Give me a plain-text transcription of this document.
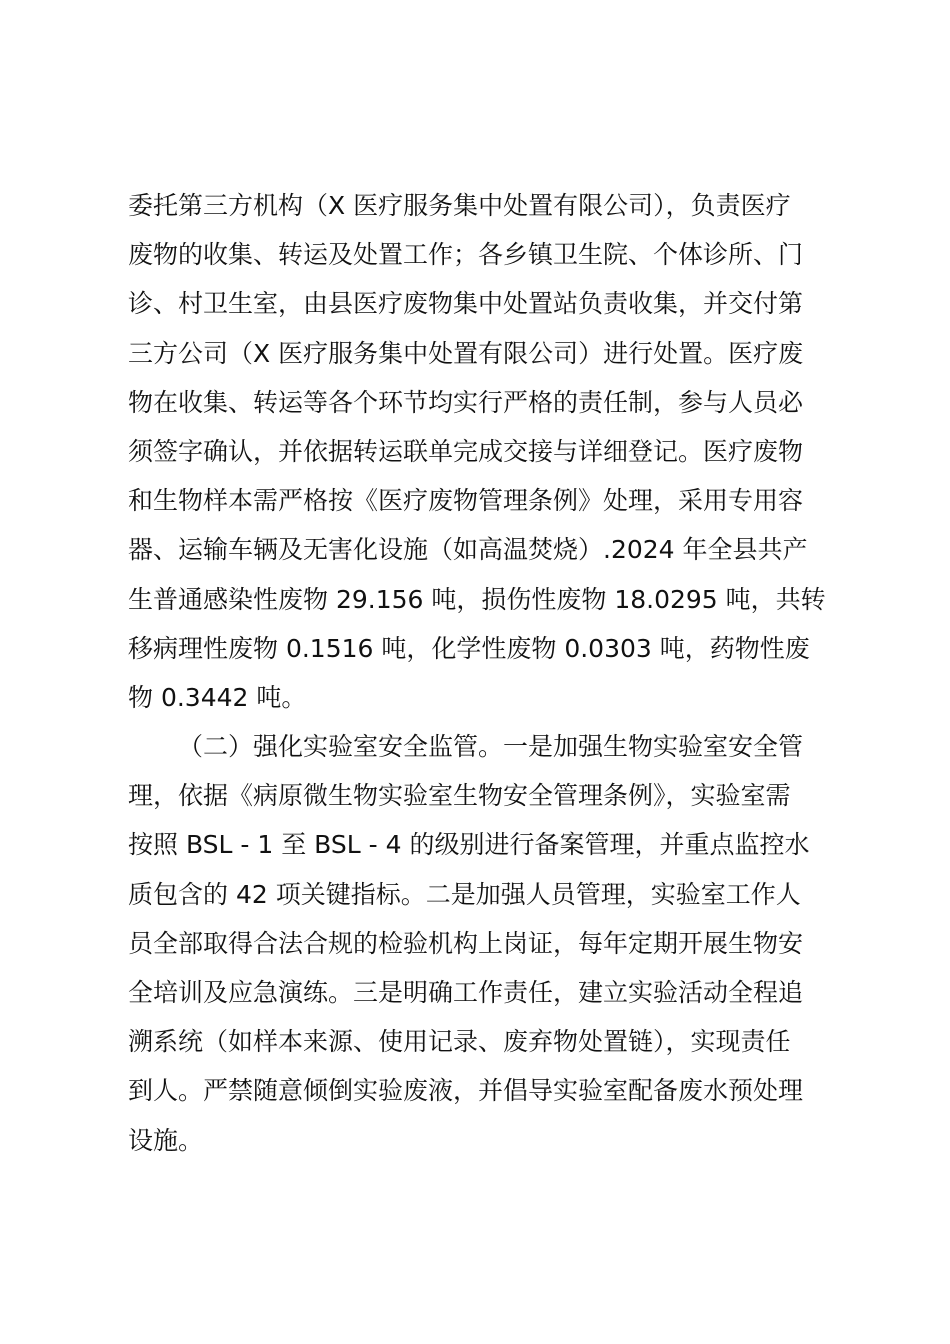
委托第三方机构（X 医疗服务集中处置有限公司），负责医疗
废物的收集、转运及处置工作；各乡镇卫生院、个体诊所、门
诊、村卫生室，由县医疗废物集中处置站负责收集，并交付第
三方公司（X 医疗服务集中处置有限公司）进行处置。医疗废
物在收集、转运等各个环节均实行严格的责任制，参与人员必
须签字确认，并依据转运联单完成交接与详细登记。医疗废物
和生物样本需严格按《医疗废物管理条例》处理，采用专用容
器、运输车辆及无害化设施（如高温焚烧）.2024 年全县共产
生普通感染性废物 29.156 吨，损伤性废物 18.0295 吨，共转
移病理性废物 0.1516 吨，化学性废物 0.0303 吨，药物性废
物 0.3442 吨。
（二）强化实验室安全监管。一是加强生物实验室安全管
理，依据《病原微生物实验室生物安全管理条例》，实验室需
按照 BSL - 1 至 BSL - 4 的级别进行备案管理，并重点监控水
质包含的 42 项关键指标。二是加强人员管理，实验室工作人
员全部取得合法合规的检验机构上岗证，每年定期开展生物安
全培训及应急演练。三是明确工作责任，建立实验活动全程追
溯系统（如样本来源、使用记录、废弃物处置链），实现责任
到人。严禁随意倾倒实验废液，并倡导实验室配备废水预处理
设施。
